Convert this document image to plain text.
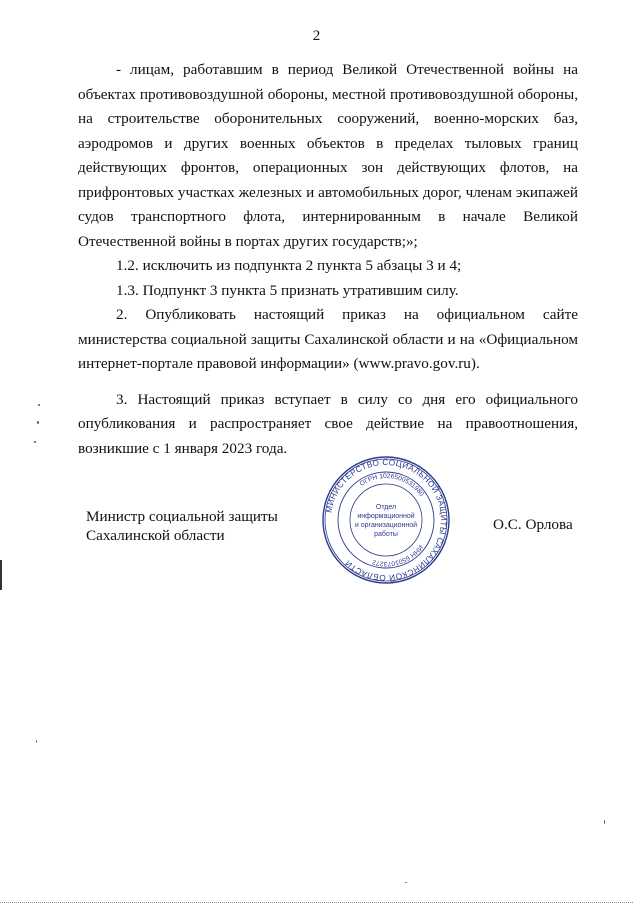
2

- лицам, работавшим в период Великой Отечественной войны на объектах противовоздушной обороны, местной противовоздушной обороны, на строительстве оборонительных сооружений, военно-морских баз, аэродромов и других военных объектов в пределах тыловых границ действующих фронтов, операционных зон действующих флотов, на прифронтовых участках железных и автомобильных дорог, членам экипажей судов транспортного флота, интернированным в начале Великой Отечественной войны в портах других государств;»;

1.2. исключить из подпункта 2 пункта 5 абзацы 3 и 4;

1.3. Подпункт 3 пункта 5 признать утратившим силу.

2. Опубликовать настоящий приказ на официальном сайте министерства социальной защиты Сахалинской области и на «Официальном интернет-портале правовой информации» (www.pravo.gov.ru).

3. Настоящий приказ вступает в силу со дня его официального опубликования и распространяет свое действие на правоотношения, возникшие с 1 января 2023 года.

Министр социальной защиты
Сахалинской области
МИНИСТЕРСТВО СОЦИАЛЬНОЙ ЗАЩИТЫ САХАЛИНСКОЙ ОБЛАСТИ
ОГРН 1026500531980
ИНН 6501073272
Отдел
информационной
и организационной
работы
О.С. Орлова
